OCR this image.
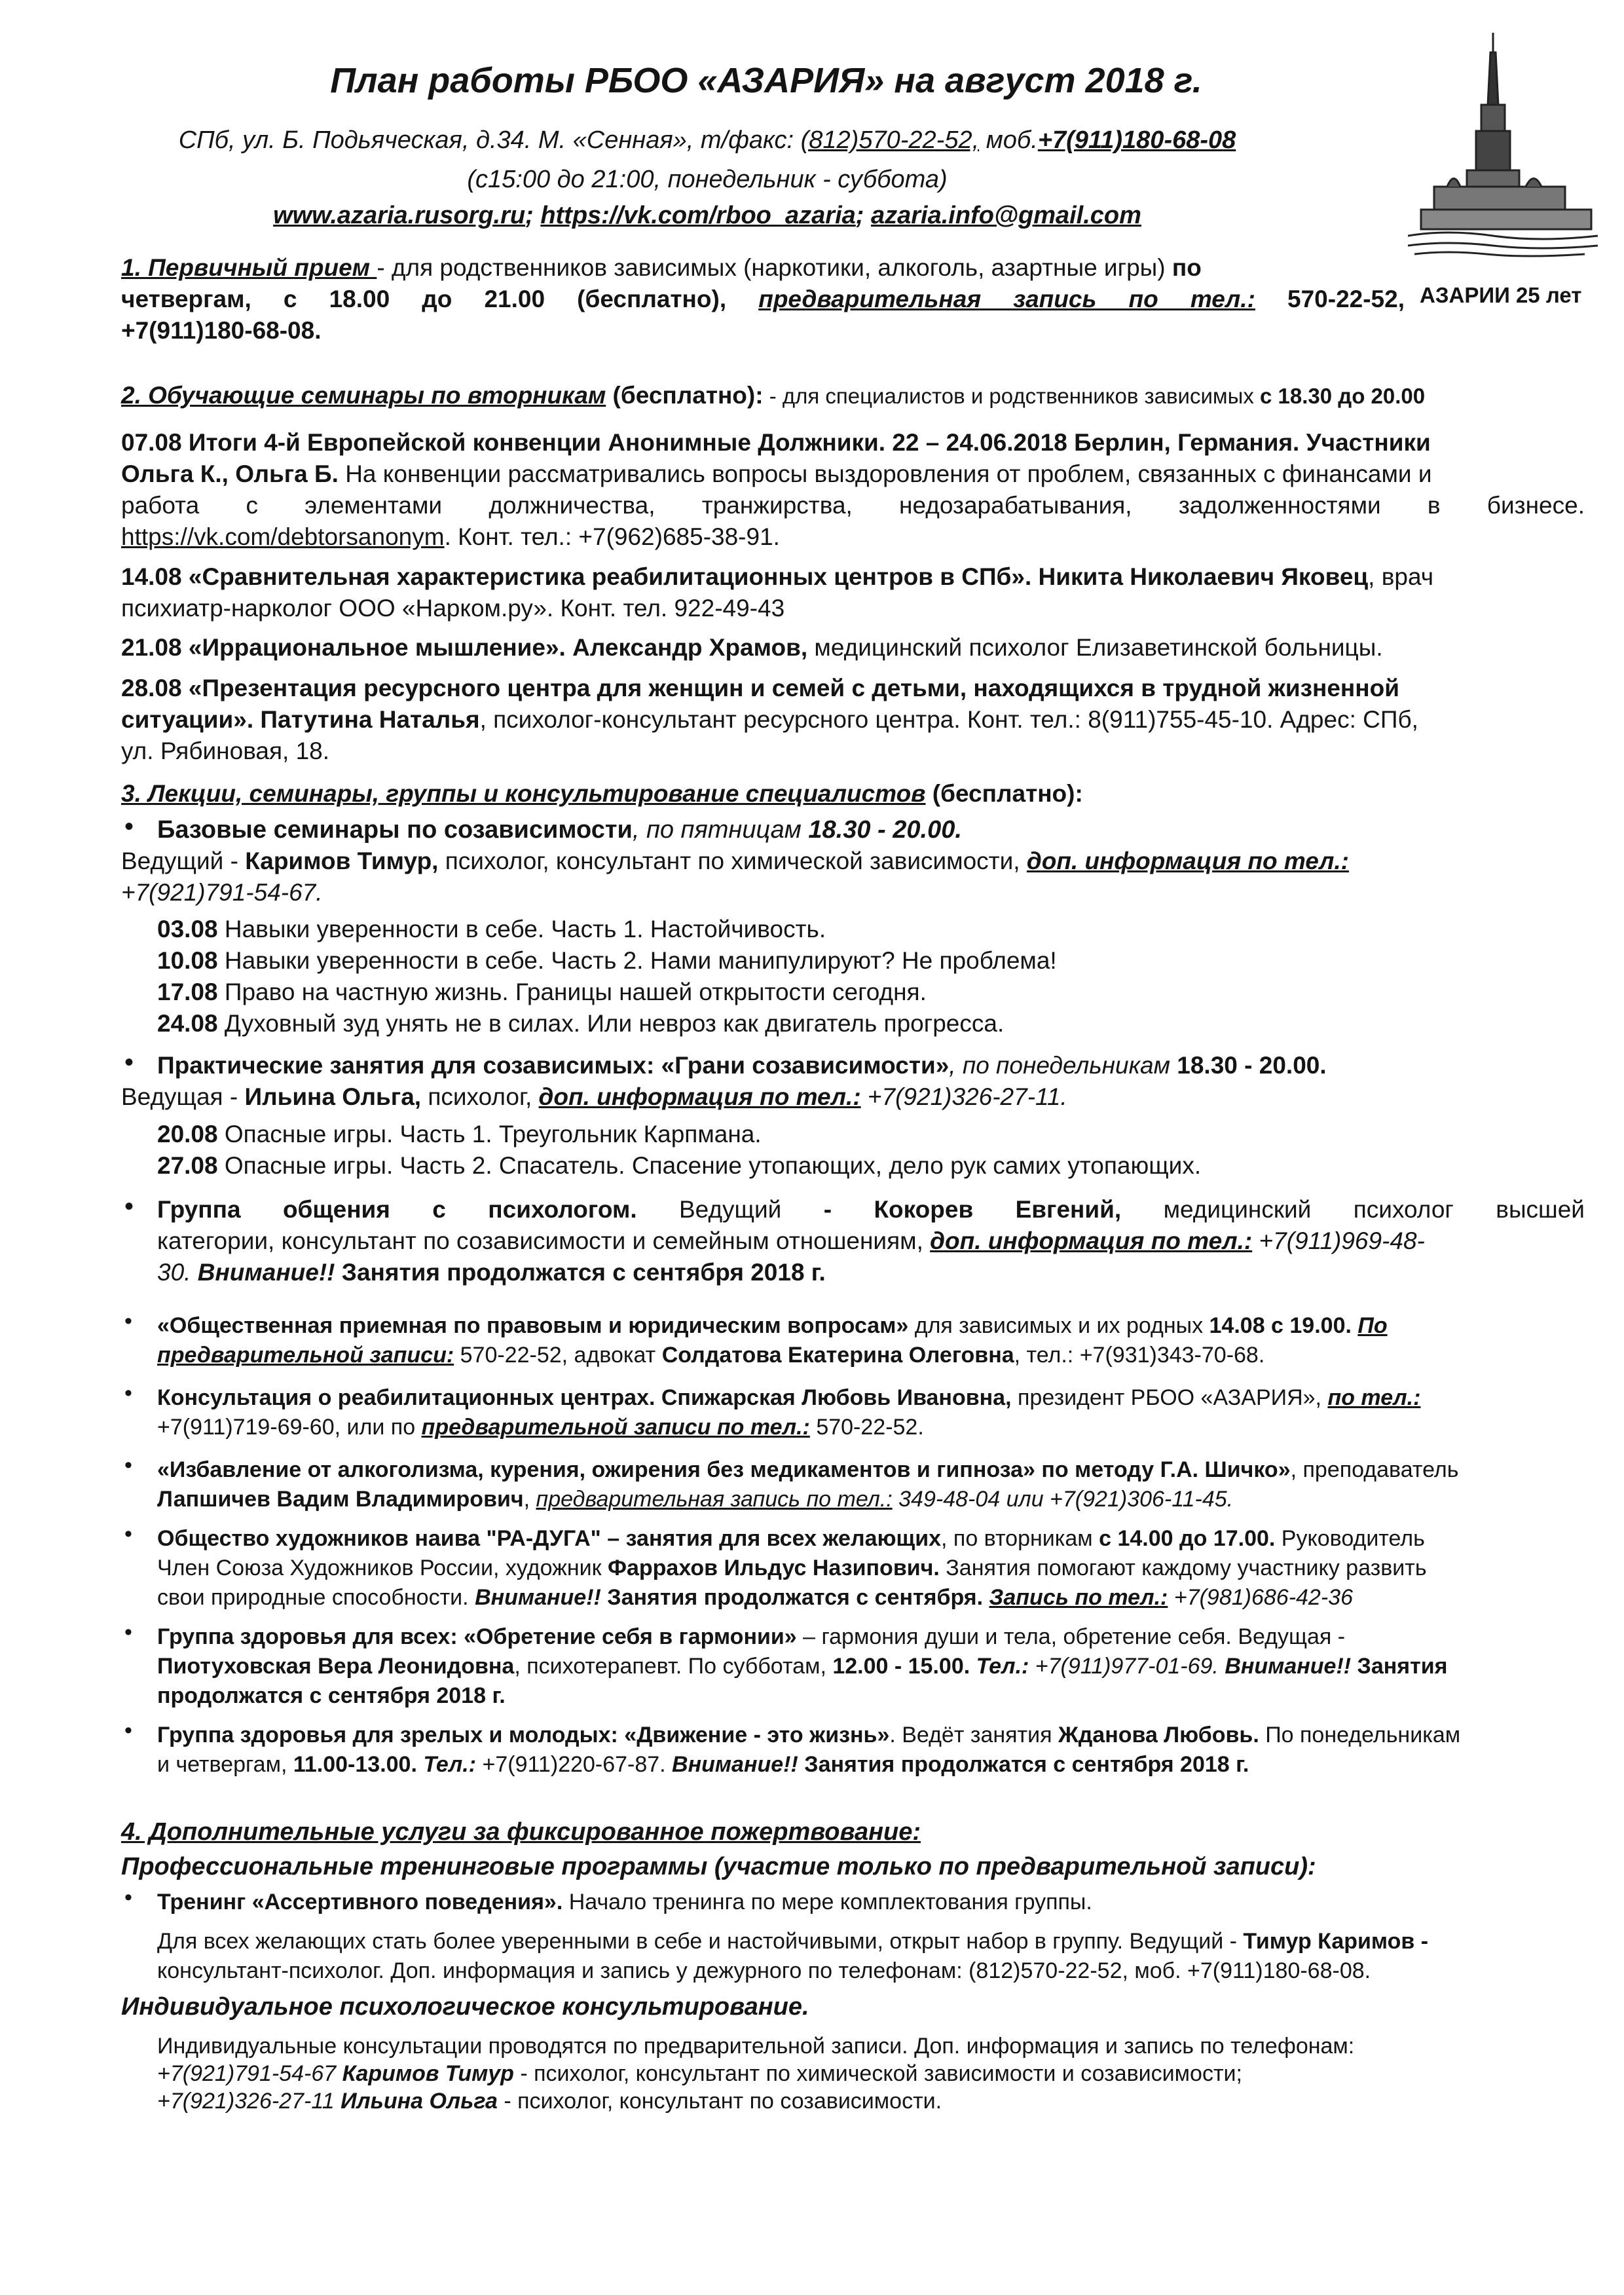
План работы РБОО «АЗАРИЯ» на август 2018 г.
СПб, ул. Б. Подьяческая, д.34. М. «Сенная», т/факс: (812)570-22-52, моб.+7(911)180-68-08
(с15:00 до 21:00, понедельник - суббота)
www.azaria.rusorg.ru; https://vk.com/rboo_azaria; azaria.info@gmail.com
АЗАРИИ 25 лет
1. Первичный прием - для родственников зависимых (наркотики, алкоголь, азартные игры) по
четвергам, с 18.00 до 21.00 (бесплатно), предварительная запись по тел.: 570-22-52,
+7(911)180-68-08.
2. Обучающие семинары по вторникам (бесплатно): - для специалистов и родственников зависимых с 18.30 до 20.00
07.08 Итоги 4-й Европейской конвенции Анонимные Должники. 22 – 24.06.2018 Берлин, Германия. Участники
Ольга К., Ольга Б. На конвенции рассматривались вопросы выздоровления от проблем, связанных с финансами и
работа с элементами должничества, транжирства, недозарабатывания, задолженностями в бизнесе.
https://vk.com/debtorsanonym. Конт. тел.: +7(962)685-38-91.
14.08 «Сравнительная характеристика реабилитационных центров в СПб». Никита Николаевич Яковец, врач
психиатр-нарколог ООО «Нарком.ру». Конт. тел. 922-49-43
21.08 «Иррациональное мышление». Александр Храмов, медицинский психолог Елизаветинской больницы.
28.08 «Презентация ресурсного центра для женщин и семей с детьми, находящихся в трудной жизненной
ситуации». Патутина Наталья, психолог-консультант ресурсного центра. Конт. тел.: 8(911)755-45-10. Адрес: СПб,
ул. Рябиновая, 18.
3. Лекции, семинары, группы и консультирование специалистов (бесплатно):
• Базовые семинары по созависимости, по пятницам 18.30 - 20.00.
Ведущий - Каримов Тимур, психолог, консультант по химической зависимости, доп. информация по тел.:
+7(921)791-54-67.
03.08 Навыки уверенности в себе. Часть 1. Настойчивость.
10.08 Навыки уверенности в себе. Часть 2. Нами манипулируют? Не проблема!
17.08 Право на частную жизнь. Границы нашей открытости сегодня.
24.08 Духовный зуд унять не в силах. Или невроз как двигатель прогресса.
• Практические занятия для созависимых: «Грани созависимости», по понедельникам 18.30 - 20.00.
Ведущая - Ильина Ольга, психолог, доп. информация по тел.: +7(921)326-27-11.
20.08 Опасные игры. Часть 1. Треугольник Карпмана.
27.08 Опасные игры. Часть 2. Спасатель. Спасение утопающих, дело рук самих утопающих.
• Группа общения с психологом. Ведущий - Кокорев Евгений, медицинский психолог высшей
категории, консультант по созависимости и семейным отношениям, доп. информация по тел.: +7(911)969-48-
30. Внимание!! Занятия продолжатся с сентября 2018 г.
• «Общественная приемная по правовым и юридическим вопросам» для зависимых и их родных 14.08 с 19.00. По
предварительной записи: 570-22-52, адвокат Солдатова Екатерина Олеговна, тел.: +7(931)343-70-68.
• Консультация о реабилитационных центрах. Спижарская Любовь Ивановна, президент РБОО «АЗАРИЯ», по тел.:
+7(911)719-69-60, или по предварительной записи по тел.: 570-22-52.
• «Избавление от алкоголизма, курения, ожирения без медикаментов и гипноза» по методу Г.А. Шичко», преподаватель
Лапшичев Вадим Владимирович, предварительная запись по тел.: 349-48-04 или +7(921)306-11-45.
• Общество художников наива "РА-ДУГА" – занятия для всех желающих, по вторникам с 14.00 до 17.00. Руководитель
Член Союза Художников России, художник Фаррахов Ильдус Назипович. Занятия помогают каждому участнику развить
свои природные способности. Внимание!! Занятия продолжатся с сентября. Запись по тел.: +7(981)686-42-36
• Группа здоровья для всех: «Обретение себя в гармонии» – гармония души и тела, обретение себя. Ведущая -
Пиотуховская Вера Леонидовна, психотерапевт. По субботам, 12.00 - 15.00. Тел.: +7(911)977-01-69. Внимание!! Занятия
продолжатся с сентября 2018 г.
• Группа здоровья для зрелых и молодых: «Движение - это жизнь». Ведёт занятия Жданова Любовь. По понедельникам
и четвергам, 11.00-13.00. Тел.: +7(911)220-67-87. Внимание!! Занятия продолжатся с сентября 2018 г.
4. Дополнительные услуги за фиксированное пожертвование:
Профессиональные тренинговые программы (участие только по предварительной записи):
• Тренинг «Ассертивного поведения». Начало тренинга по мере комплектования группы.
Для всех желающих стать более уверенными в себе и настойчивыми, открыт набор в группу. Ведущий - Тимур Каримов -
консультант-психолог. Доп. информация и запись у дежурного по телефонам: (812)570-22-52, моб. +7(911)180-68-08.
Индивидуальное психологическое консультирование.
Индивидуальные консультации проводятся по предварительной записи. Доп. информация и запись по телефонам:
+7(921)791-54-67 Каримов Тимур - психолог, консультант по химической зависимости и созависимости;
+7(921)326-27-11 Ильина Ольга - психолог, консультант по созависимости.
